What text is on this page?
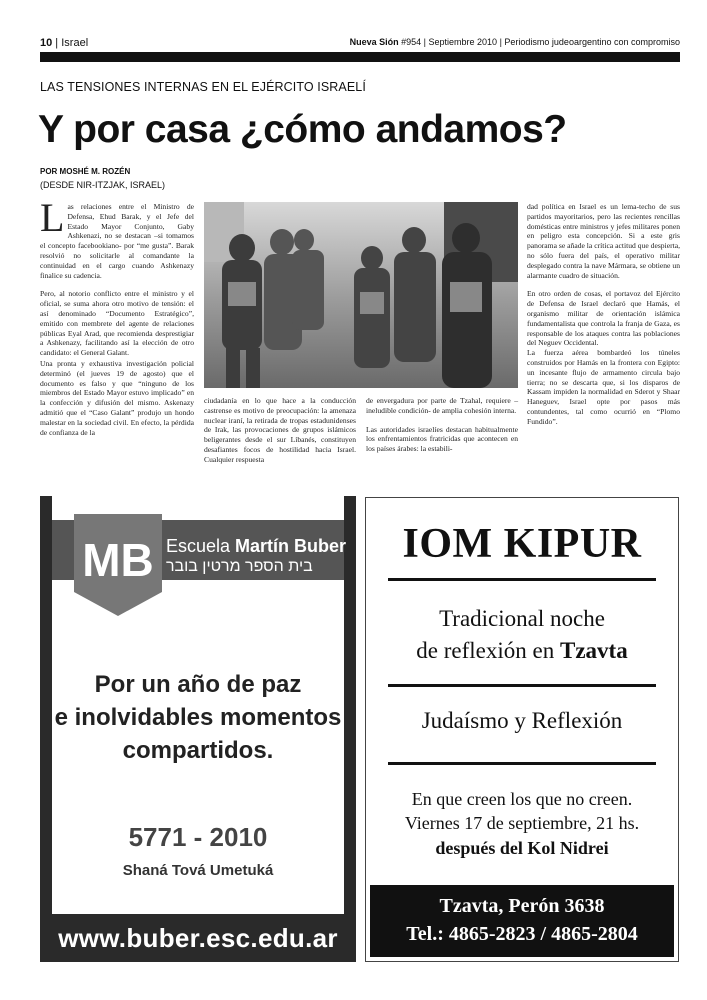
10 | Israel	Nueva Sión #954 | Septiembre 2010 | Periodismo judeoargentino con compromiso
LAS TENSIONES INTERNAS EN EL EJÉRCITO ISRAELÍ
Y por casa ¿cómo andamos?
POR MOSHÉ M. ROZÉN
(DESDE NIR-ITZJAK, ISRAEL)

Las relaciones entre el Ministro de Defensa, Ehud Barak, y el Jefe del Estado Mayor Conjunto, Gaby Ashkenazi, no se destacan –si tomamos el concepto facebookiano- por “me gusta”. Barak resolvió no solicitarle al comandante la continuidad en el cargo cuando Ashkenazy finalice su cadencia.

Pero, al notorio conflicto entre el ministro y el oficial, se suma ahora otro motivo de tensión: el así denominado “Documento Estratégico”, emitido con membrete del agente de relaciones públicas Eyal Arad, que recomienda desprestigiar a Ashkenazy, facilitando así la elección de otro candidato: el General Galant.

Una pronta y exhaustiva investigación policial determinó (el jueves 19 de agosto) que el documento es falso y que “ninguno de los miembros del Estado Mayor estuvo implicado” en la confección y difusión del mismo. Askenazy admitió que el “Caso Galant” produjo un hondo malestar en la sociedad civil. En efecto, la pérdida de confianza de la

ciudadanía en lo que hace a la conducción castrense es motivo de preocupación: la amenaza nuclear iraní, la retirada de tropas estadunidenses de Irak, las provocaciones de grupos islámicos beligerantes desde el sur Líbanés, constituyen desafiantes focos de hostilidad hacia Israel. Cualquier respuesta

de envergadura por parte de Tzahal, requiere –ineludible condición- de amplia cohesión interna.

Las autoridades israelíes destacan habitualmente los enfrentamientos fratricidas que acontecen en los países árabes: la estabili-

dad política en Israel es un lema-techo de sus partidos mayoritarios, pero las recientes rencillas domésticas entre ministros y jefes militares ponen en peligro esta concepción. Si a este gris panorama se añade la crítica actitud que despierta, no sólo fuera del país, el operativo militar desplegado contra la nave Mármara, se obtiene un alarmante cuadro de situación.

En otro orden de cosas, el portavoz del Ejército de Defensa de Israel declaró que Hamás, el organismo militar de orientación islámica fundamentalista que controla la franja de Gaza, es responsable de los ataques contra las poblaciones del Neguev Occidental.

La fuerza aérea bombardeó los túneles construidos por Hamás en la frontera con Egipto: un incesante flujo de armamento circula bajo tierra; no se descarta que, si los disparos de Kassam impiden la normalidad en Sderot y Shaar Haneguev, Israel opte por pasos más contundentes, tal como ocurrió en “Plomo Fundido”.

MB Escuela Martín Buber
בית הספר מרטין בובר
Por un año de paz
e inolvidables momentos
compartidos.
5771 - 2010
Shaná Tová Umetuká
www.buber.esc.edu.ar
IOM KIPUR
Tradicional noche
de reflexión en Tzavta
Judaísmo y Reflexión
En que creen los que no creen.
Viernes 17 de septiembre, 21 hs.
después del Kol Nidrei
Tzavta, Perón 3638
Tel.: 4865-2823 / 4865-2804
